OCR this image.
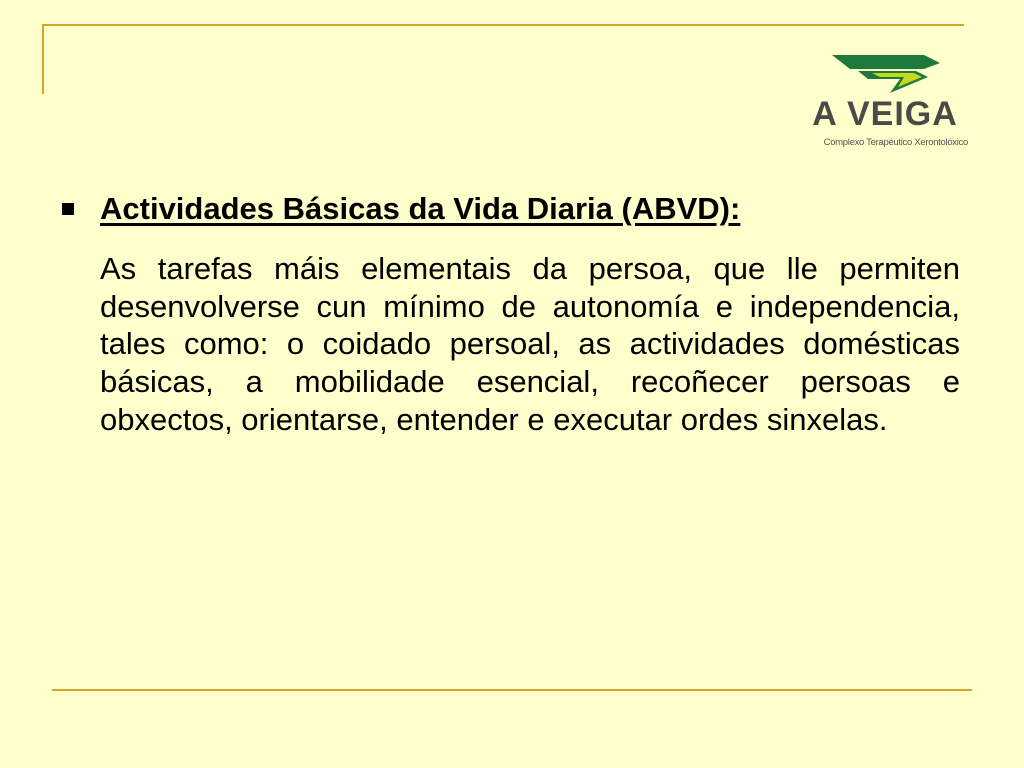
A VEIGA
Complexo Terapéutico Xerontolóxico

Actividades Básicas da Vida Diaria (ABVD):

As tarefas máis elementais da persoa, que lle permiten desenvolverse cun mínimo de autonomía e independencia, tales como: o coidado persoal, as actividades domésticas básicas, a mobilidade esencial, recoñecer persoas e obxectos, orientarse, entender e executar ordes sinxelas.
